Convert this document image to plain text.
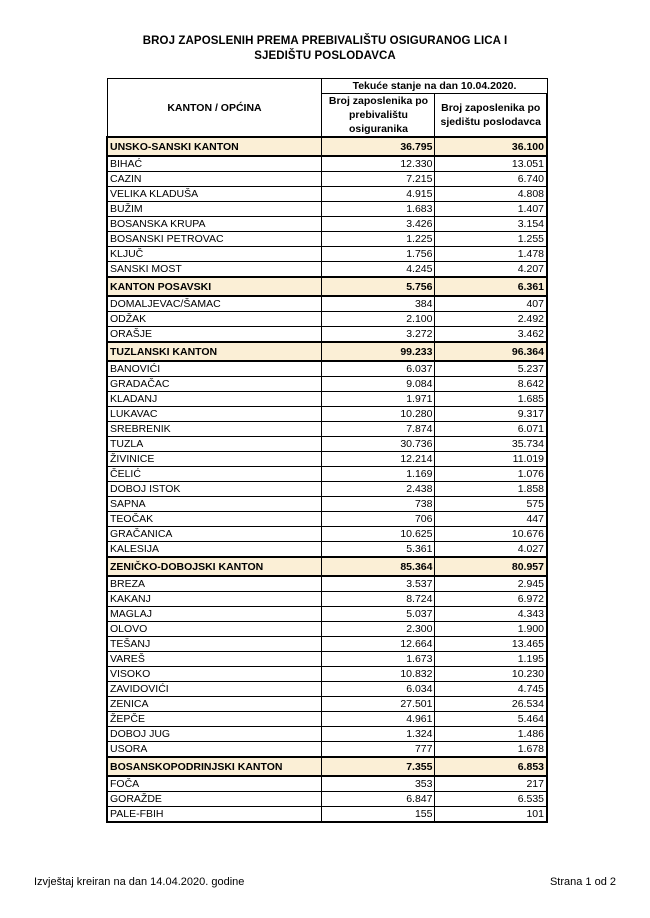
BROJ ZAPOSLENIH PREMA PREBIVALIŠTU OSIGURANOG LICA I
SJEDIŠTU POSLODAVCA
KANTON / OPĆINA	Tekuće stanje na dan 10.04.2020.	
	Broj zaposlenika po prebivalištu osiguranika	Broj zaposlenika po sjedištu poslodavca
UNSKO-SANSKI KANTON	36.795	36.100
BIHAĆ	12.330	13.051
CAZIN	7.215	6.740
VELIKA KLADUŠA	4.915	4.808
BUŽIM	1.683	1.407
BOSANSKA KRUPA	3.426	3.154
BOSANSKI PETROVAC	1.225	1.255
KLJUČ	1.756	1.478
SANSKI MOST	4.245	4.207
KANTON POSAVSKI	5.756	6.361
DOMALJEVAC/ŠAMAC	384	407
ODŽAK	2.100	2.492
ORAŠJE	3.272	3.462
TUZLANSKI KANTON	99.233	96.364
BANOVIĆI	6.037	5.237
GRADAČAC	9.084	8.642
KLADANJ	1.971	1.685
LUKAVAC	10.280	9.317
SREBRENIK	7.874	6.071
TUZLA	30.736	35.734
ŽIVINICE	12.214	11.019
ČELIĆ	1.169	1.076
DOBOJ ISTOK	2.438	1.858
SAPNA	738	575
TEOČAK	706	447
GRAČANICA	10.625	10.676
KALESIJA	5.361	4.027
ZENIČKO-DOBOJSKI KANTON	85.364	80.957
BREZA	3.537	2.945
KAKANJ	8.724	6.972
MAGLAJ	5.037	4.343
OLOVO	2.300	1.900
TEŠANJ	12.664	13.465
VAREŠ	1.673	1.195
VISOKO	10.832	10.230
ZAVIDOVIĆI	6.034	4.745
ZENICA	27.501	26.534
ŽEPČE	4.961	5.464
DOBOJ JUG	1.324	1.486
USORA	777	1.678
BOSANSKOPODRINJSKI KANTON	7.355	6.853
FOČA	353	217
GORAŽDE	6.847	6.535
PALE-FBIH	155	101
Izvještaj kreiran na dan 14.04.2020. godine	Strana 1 od 2
